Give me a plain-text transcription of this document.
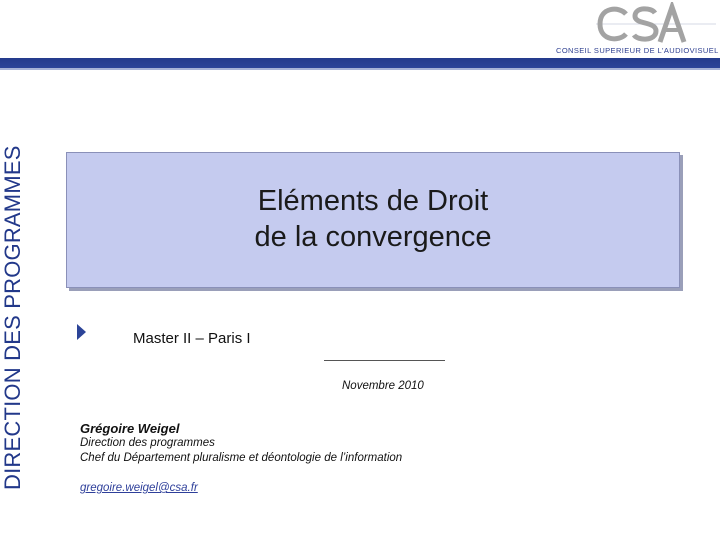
CONSEIL SUPERIEUR DE L'AUDIOVISUEL
DIRECTION DES PROGRAMMES	Eléments de Droit
de la convergence
Master II – Paris I
Novembre 2010
Grégoire Weigel
Direction des programmes
Chef du Département pluralisme et déontologie de l’information
gregoire.weigel@csa.fr
